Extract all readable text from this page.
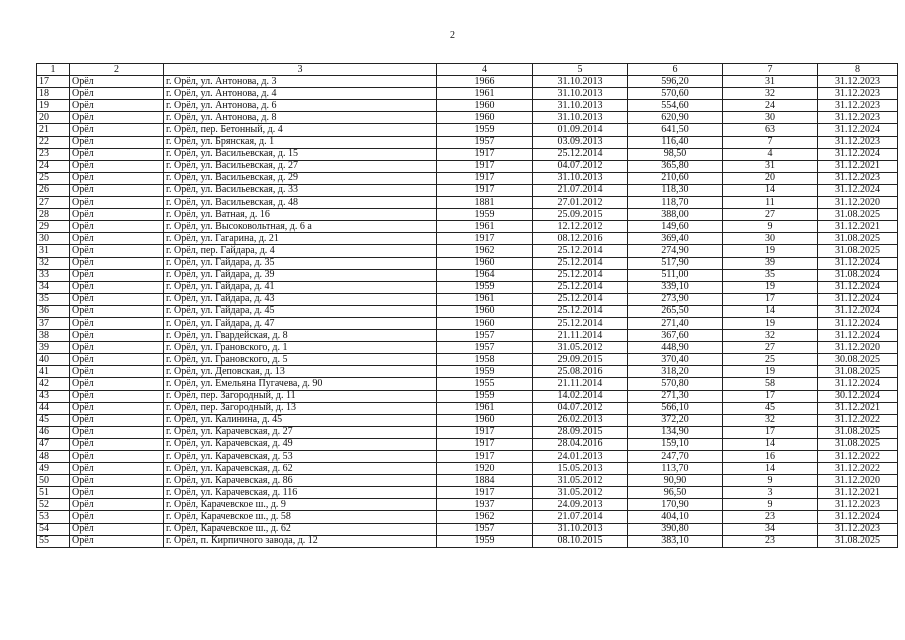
2
1	2	3	4	5	6	7	8
17	Орёл	г. Орёл, ул. Антонова, д. 3	1966	31.10.2013	596,20	31	31.12.2023
18	Орёл	г. Орёл, ул. Антонова, д. 4	1961	31.10.2013	570,60	32	31.12.2023
19	Орёл	г. Орёл, ул. Антонова, д. 6	1960	31.10.2013	554,60	24	31.12.2023
20	Орёл	г. Орёл, ул. Антонова, д. 8	1960	31.10.2013	620,90	30	31.12.2023
21	Орёл	г. Орёл, пер. Бетонный, д. 4	1959	01.09.2014	641,50	63	31.12.2024
22	Орёл	г. Орёл, ул. Брянская, д. 1	1957	03.09.2013	116,40	7	31.12.2023
23	Орёл	г. Орёл, ул. Васильевская, д. 15	1917	25.12.2014	98,50	4	31.12.2024
24	Орёл	г. Орёл, ул. Васильевская, д. 27	1917	04.07.2012	365,80	31	31.12.2021
25	Орёл	г. Орёл, ул. Васильевская, д. 29	1917	31.10.2013	210,60	20	31.12.2023
26	Орёл	г. Орёл, ул. Васильевская, д. 33	1917	21.07.2014	118,30	14	31.12.2024
27	Орёл	г. Орёл, ул. Васильевская, д. 48	1881	27.01.2012	118,70	11	31.12.2020
28	Орёл	г. Орёл, ул. Ватная, д. 16	1959	25.09.2015	388,00	27	31.08.2025
29	Орёл	г. Орёл, ул. Высоковольтная, д. 6 а	1961	12.12.2012	149,60	9	31.12.2021
30	Орёл	г. Орёл, ул. Гагарина, д. 21	1917	08.12.2016	369,40	30	31.08.2025
31	Орёл	г. Орёл, пер. Гайдара, д. 4	1962	25.12.2014	274,90	19	31.08.2025
32	Орёл	г. Орёл, ул. Гайдара, д. 35	1960	25.12.2014	517,90	39	31.12.2024
33	Орёл	г. Орёл, ул. Гайдара, д. 39	1964	25.12.2014	511,00	35	31.08.2024
34	Орёл	г. Орёл, ул. Гайдара, д. 41	1959	25.12.2014	339,10	19	31.12.2024
35	Орёл	г. Орёл, ул. Гайдара, д. 43	1961	25.12.2014	273,90	17	31.12.2024
36	Орёл	г. Орёл, ул. Гайдара, д. 45	1960	25.12.2014	265,50	14	31.12.2024
37	Орёл	г. Орёл, ул. Гайдара, д. 47	1960	25.12.2014	271,40	19	31.12.2024
38	Орёл	г. Орёл, ул. Гвардейская, д. 8	1957	21.11.2014	367,60	32	31.12.2024
39	Орёл	г. Орёл, ул. Грановского, д. 1	1957	31.05.2012	448,90	27	31.12.2020
40	Орёл	г. Орёл, ул. Грановского, д. 5	1958	29.09.2015	370,40	25	30.08.2025
41	Орёл	г. Орёл, ул. Деповская, д. 13	1959	25.08.2016	318,20	19	31.08.2025
42	Орёл	г. Орёл, ул. Емельяна Пугачева, д. 90	1955	21.11.2014	570,80	58	31.12.2024
43	Орёл	г. Орёл, пер. Загородный, д. 11	1959	14.02.2014	271,30	17	30.12.2024
44	Орёл	г. Орёл, пер. Загородный, д. 13	1961	04.07.2012	566,10	45	31.12.2021
45	Орёл	г. Орёл, ул. Калинина, д. 45	1960	26.02.2013	372,20	32	31.12.2022
46	Орёл	г. Орёл, ул. Карачевская, д. 27	1917	28.09.2015	134,90	17	31.08.2025
47	Орёл	г. Орёл, ул. Карачевская, д. 49	1917	28.04.2016	159,10	14	31.08.2025
48	Орёл	г. Орёл, ул. Карачевская, д. 53	1917	24.01.2013	247,70	16	31.12.2022
49	Орёл	г. Орёл, ул. Карачевская, д. 62	1920	15.05.2013	113,70	14	31.12.2022
50	Орёл	г. Орёл, ул. Карачевская, д. 86	1884	31.05.2012	90,90	9	31.12.2020
51	Орёл	г. Орёл, ул. Карачевская, д. 116	1917	31.05.2012	96,50	3	31.12.2021
52	Орёл	г. Орёл, Карачевское ш., д. 9	1937	24.09.2013	170,90	9	31.12.2023
53	Орёл	г. Орёл, Карачевское ш., д. 58	1962	21.07.2014	404,10	23	31.12.2024
54	Орёл	г. Орёл, Карачевское ш., д. 62	1957	31.10.2013	390,80	34	31.12.2023
55	Орёл	г. Орёл, п. Кирпичного завода, д. 12	1959	08.10.2015	383,10	23	31.08.2025
